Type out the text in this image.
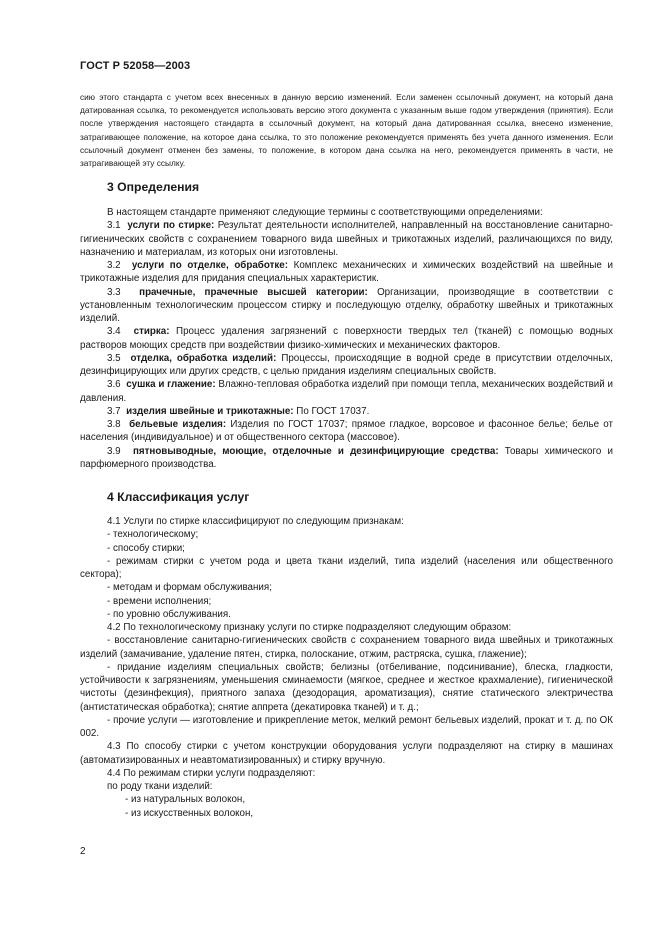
ГОСТ Р 52058—2003

сию этого стандарта с учетом всех внесенных в данную версию изменений. Если заменен ссылочный документ, на который дана датированная ссылка, то рекомендуется использовать версию этого документа с указанным выше годом утверждения (принятия). Если после утверждения настоящего стандарта в ссылочный документ, на который дана датированная ссылка, внесено изменение, затрагивающее положение, на которое дана ссылка, то это положение рекомендуется применять без учета данного изменения. Если ссылочный документ отменен без замены, то положение, в котором дана ссылка на него, рекомендуется применять в части, не затрагивающей эту ссылку.

3 Определения

В настоящем стандарте применяют следующие термины с соответствующими определениями:

3.1 услуги по стирке: Результат деятельности исполнителей, направленный на восстановление санитарно-гигиенических свойств с сохранением товарного вида швейных и трикотажных изделий, различающихся по виду, назначению и материалам, из которых они изготовлены.

3.2 услуги по отделке, обработке: Комплекс механических и химических воздействий на швейные и трикотажные изделия для придания специальных характеристик.

3.3 прачечные, прачечные высшей категории: Организации, производящие в соответствии с установленным технологическим процессом стирку и последующую отделку, обработку швейных и трикотажных изделий.

3.4 стирка: Процесс удаления загрязнений с поверхности твердых тел (тканей) с помощью водных растворов моющих средств при воздействии физико-химических и механических факторов.

3.5 отделка, обработка изделий: Процессы, происходящие в водной среде в присутствии отделочных, дезинфицирующих или других средств, с целью придания изделиям специальных свойств.

3.6 сушка и глажение: Влажно-тепловая обработка изделий при помощи тепла, механических воздействий и давления.

3.7 изделия швейные и трикотажные: По ГОСТ 17037.

3.8 бельевые изделия: Изделия по ГОСТ 17037; прямое гладкое, ворсовое и фасонное белье; белье от населения (индивидуальное) и от общественного сектора (массовое).

3.9 пятновыводные, моющие, отделочные и дезинфицирующие средства: Товары химического и парфюмерного производства.

4 Классификация услуг

4.1 Услуги по стирке классифицируют по следующим признакам:

- технологическому;

- способу стирки;

- режимам стирки с учетом рода и цвета ткани изделий, типа изделий (населения или общественного сектора);

- методам и формам обслуживания;

- времени исполнения;

- по уровню обслуживания.

4.2 По технологическому признаку услуги по стирке подразделяют следующим образом:

- восстановление санитарно-гигиенических свойств с сохранением товарного вида швейных и трикотажных изделий (замачивание, удаление пятен, стирка, полоскание, отжим, растряска, сушка, глажение);

- придание изделиям специальных свойств; белизны (отбеливание, подсинивание), блеска, гладкости, устойчивости к загрязнениям, уменьшения сминаемости (мягкое, среднее и жесткое крахмаление), гигиенической чистоты (дезинфекция), приятного запаха (дезодорация, ароматизация), снятие статического электричества (антистатическая обработка); снятие аппрета (декатировка тканей) и т. д.;

- прочие услуги — изготовление и прикрепление меток, мелкий ремонт бельевых изделий, прокат и т. д. по ОК 002.

4.3 По способу стирки с учетом конструкции оборудования услуги подразделяют на стирку в машинах (автоматизированных и неавтоматизированных) и стирку вручную.

4.4 По режимам стирки услуги подразделяют:

по роду ткани изделий:

- из натуральных волокон,

- из искусственных волокон,

2
